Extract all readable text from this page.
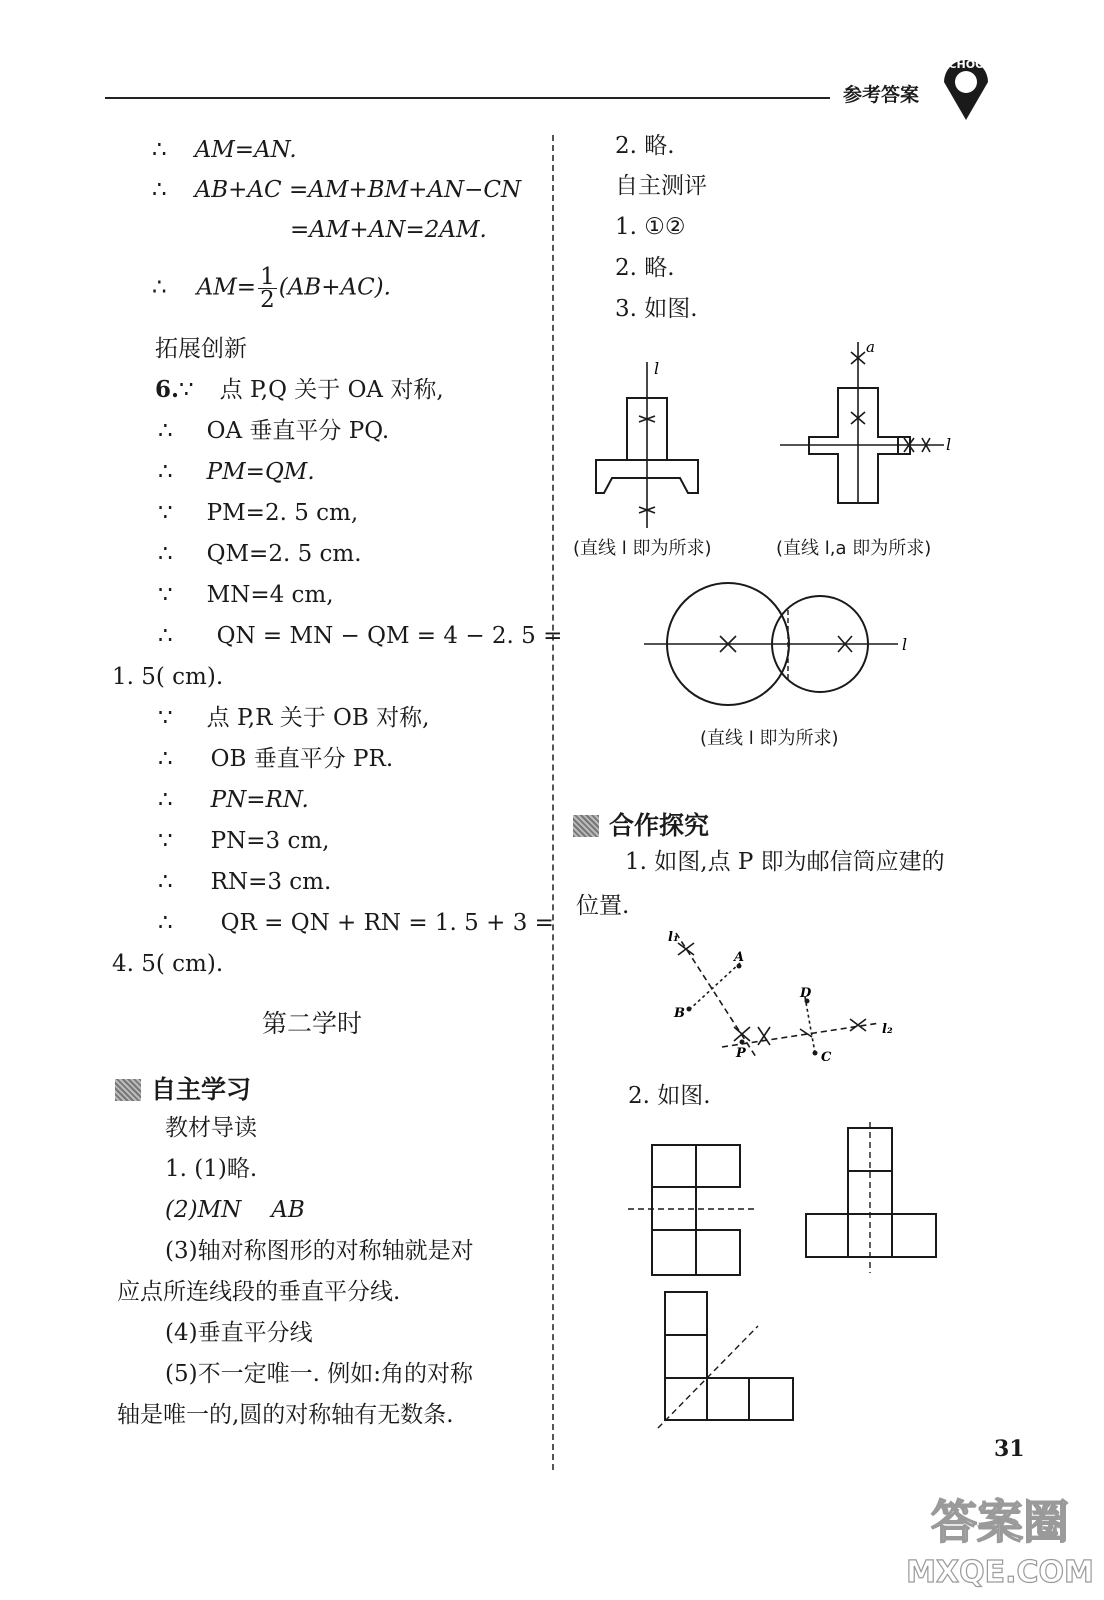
参考答案
SCHOOL
∴ AM=AN.
∴ AB+AC =AM+BM+AN−CN
=AM+AN=2AM.
∴ $AM= \frac{1}{2} (AB+AC)$.
拓展创新
6.∵ 点 P,Q 关于 OA 对称,
∴ OA 垂直平分 PQ.
∴ PM=QM.
∵ PM=2. 5 cm,
∴ QM=2. 5 cm.
∵ MN=4 cm,
∴ QN = MN − QM = 4 − 2. 5 =
1. 5( cm).
∵ 点 P,R 关于 OB 对称,
∴ OB 垂直平分 PR.
∴ PN=RN.
∵ PN=3 cm,
∴ RN=3 cm.
∴ QR = QN + RN = 1. 5 + 3 =
4. 5( cm).
第二学时
自主学习
教材导读
1. (1)略.
(2)MN AB
(3)轴对称图形的对称轴就是对
应点所连线段的垂直平分线.
(4)垂直平分线
(5)不一定唯一. 例如:角的对称
轴是唯一的,圆的对称轴有无数条.
2. 略.
自主测评
1. ①②
2. 略.
3. 如图.
l
(直线 l 即为所求)
a
l
(直线 l,a 即为所求)
l
(直线 l 即为所求)
合作探究
1. 如图,点 P 即为邮信筒应建的
位置.
l₁
l₂
A
B
D
C
P
2. 如图.
31
答案圈
MXQE.COM
